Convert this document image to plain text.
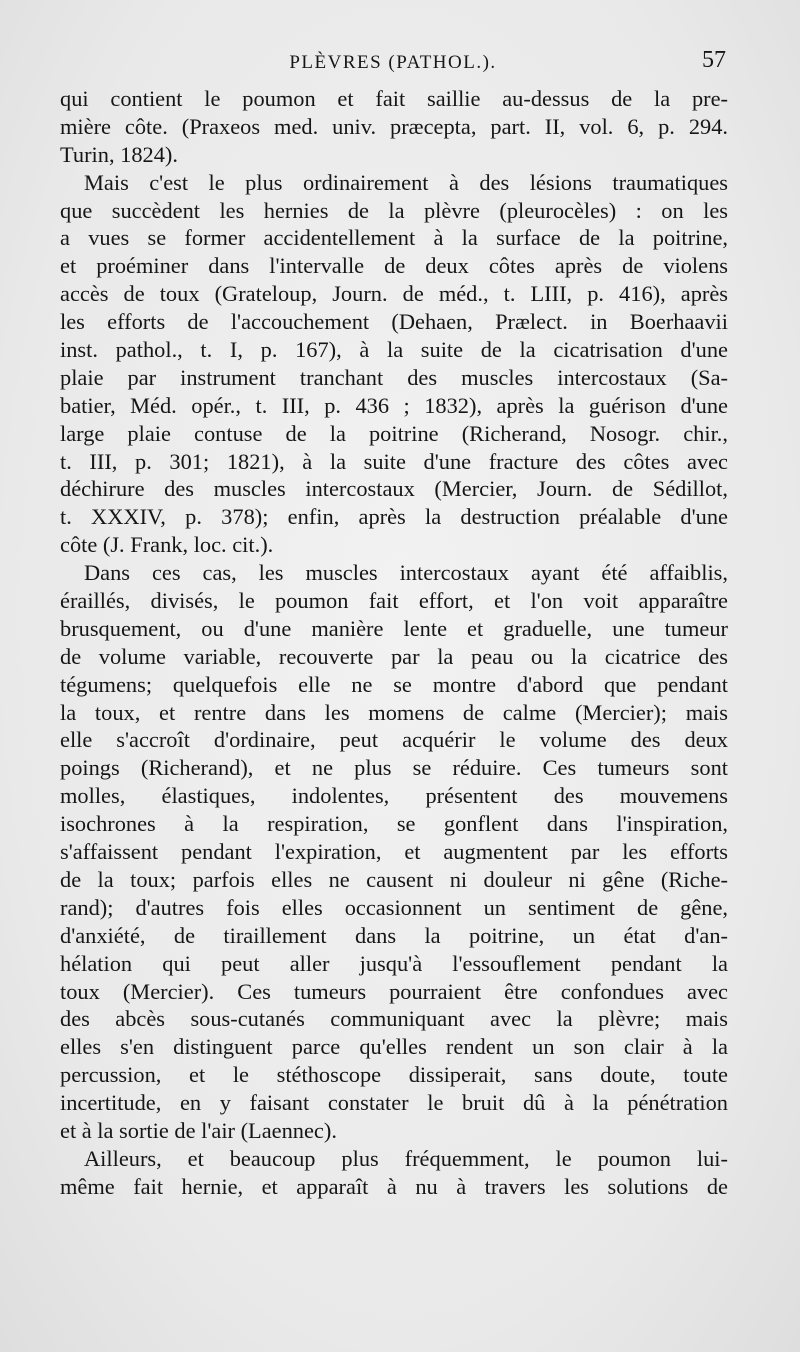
PLÈVRES (PATHOL.).	57
qui contient le poumon et fait saillie au-dessus de la pre-
mière côte. (Praxeos med. univ. præcepta, part. II, vol. 6, p. 294.
Turin, 1824).
Mais c'est le plus ordinairement à des lésions traumatiques
que succèdent les hernies de la plèvre (pleurocèles) : on les
a vues se former accidentellement à la surface de la poitrine,
et proéminer dans l'intervalle de deux côtes après de violens
accès de toux (Grateloup, Journ. de méd., t. LIII, p. 416), après
les efforts de l'accouchement (Dehaen, Prælect. in Boerhaavii
inst. pathol., t. I, p. 167), à la suite de la cicatrisation d'une
plaie par instrument tranchant des muscles intercostaux (Sa-
batier, Méd. opér., t. III, p. 436 ; 1832), après la guérison d'une
large plaie contuse de la poitrine (Richerand, Nosogr. chir.,
t. III, p. 301; 1821), à la suite d'une fracture des côtes avec
déchirure des muscles intercostaux (Mercier, Journ. de Sédillot,
t. XXXIV, p. 378); enfin, après la destruction préalable d'une
côte (J. Frank, loc. cit.).
Dans ces cas, les muscles intercostaux ayant été affaiblis,
éraillés, divisés, le poumon fait effort, et l'on voit apparaître
brusquement, ou d'une manière lente et graduelle, une tumeur
de volume variable, recouverte par la peau ou la cicatrice des
tégumens; quelquefois elle ne se montre d'abord que pendant
la toux, et rentre dans les momens de calme (Mercier); mais
elle s'accroît d'ordinaire, peut acquérir le volume des deux
poings (Richerand), et ne plus se réduire. Ces tumeurs sont
molles, élastiques, indolentes, présentent des mouvemens
isochrones à la respiration, se gonflent dans l'inspiration,
s'affaissent pendant l'expiration, et augmentent par les efforts
de la toux; parfois elles ne causent ni douleur ni gêne (Riche-
rand); d'autres fois elles occasionnent un sentiment de gêne,
d'anxiété, de tiraillement dans la poitrine, un état d'an-
hélation qui peut aller jusqu'à l'essouflement pendant la
toux (Mercier). Ces tumeurs pourraient être confondues avec
des abcès sous-cutanés communiquant avec la plèvre; mais
elles s'en distinguent parce qu'elles rendent un son clair à la
percussion, et le stéthoscope dissiperait, sans doute, toute
incertitude, en y faisant constater le bruit dû à la pénétration
et à la sortie de l'air (Laennec).
Ailleurs, et beaucoup plus fréquemment, le poumon lui-
même fait hernie, et apparaît à nu à travers les solutions de
